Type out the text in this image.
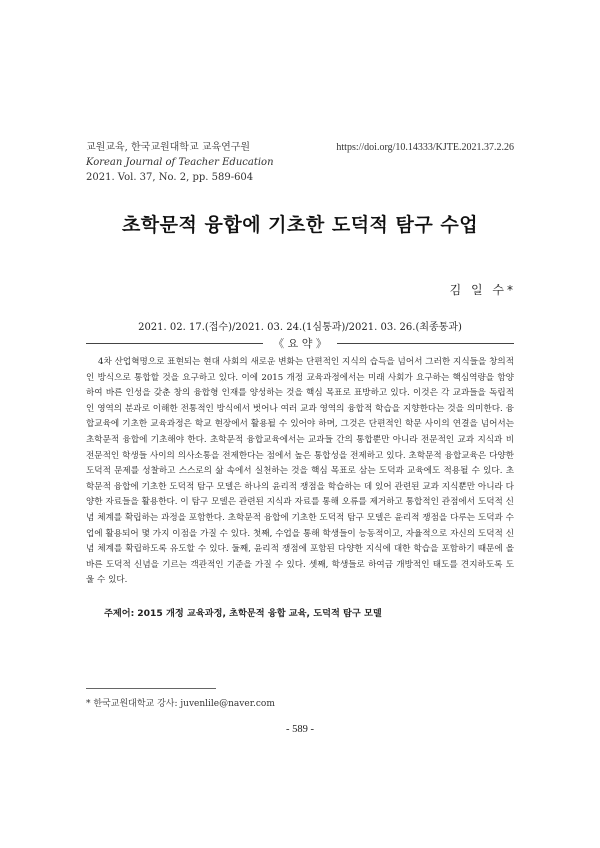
교원교육, 한국교원대학교 교육연구원
Korean Journal of Teacher Education
2021. Vol. 37, No. 2, pp. 589-604
https://doi.org/10.14333/KJTE.2021.37.2.26
초학문적 융합에 기초한 도덕적 탐구 수업
김 일 수*
2021. 02. 17.(접수)/2021. 03. 24.(1심통과)/2021. 03. 26.(최종통과)
《 요 약 》

4차 산업혁명으로 표현되는 현대 사회의 새로운 변화는 단편적인 지식의 습득을 넘어서 그러한 지식들을 창의적인 방식으로 통합할 것을 요구하고 있다. 이에 2015 개정 교육과정에서는 미래 사회가 요구하는 핵심역량을 함양하여 바른 인성을 갖춘 창의 융합형 인재를 양성하는 것을 핵심 목표로 표방하고 있다. 이것은 각 교과들을 독립적인 영역의 분과로 이해한 전통적인 방식에서 벗어나 여러 교과 영역의 융합적 학습을 지향한다는 것을 의미한다. 융합교육에 기초한 교육과정은 학교 현장에서 활용될 수 있어야 하며, 그것은 단편적인 학문 사이의 연결을 넘어서는 초학문적 융합에 기초해야 한다. 초학문적 융합교육에서는 교과들 간의 통합뿐만 아니라 전문적인 교과 지식과 비전문적인 학생들 사이의 의사소통을 전제한다는 점에서 높은 통합성을 전제하고 있다. 초학문적 융합교육은 다양한 도덕적 문제를 성찰하고 스스로의 삶 속에서 실천하는 것을 핵심 목표로 삼는 도덕과 교육에도 적용될 수 있다. 초학문적 융합에 기초한 도덕적 탐구 모델은 하나의 윤리적 쟁점을 학습하는 데 있어 관련된 교과 지식뿐만 아니라 다양한 자료들을 활용한다. 이 탐구 모델은 관련된 지식과 자료를 통해 오류를 제거하고 통합적인 관점에서 도덕적 신념 체계를 확립하는 과정을 포함한다. 초학문적 융합에 기초한 도덕적 탐구 모델은 윤리적 쟁점을 다루는 도덕과 수업에 활용되어 몇 가지 이점을 가질 수 있다. 첫째, 수업을 통해 학생들이 능동적이고, 자율적으로 자신의 도덕적 신념 체계를 확립하도록 유도할 수 있다. 둘째, 윤리적 쟁점에 포함된 다양한 지식에 대한 학습을 포함하기 때문에 올바른 도덕적 신념을 기르는 객관적인 기준을 가질 수 있다. 셋째, 학생들로 하여금 개방적인 태도를 견지하도록 도울 수 있다.

주제어: 2015 개정 교육과정, 초학문적 융합 교육, 도덕적 탐구 모델
* 한국교원대학교 강사: juvenlile@naver.com
- 589 -
